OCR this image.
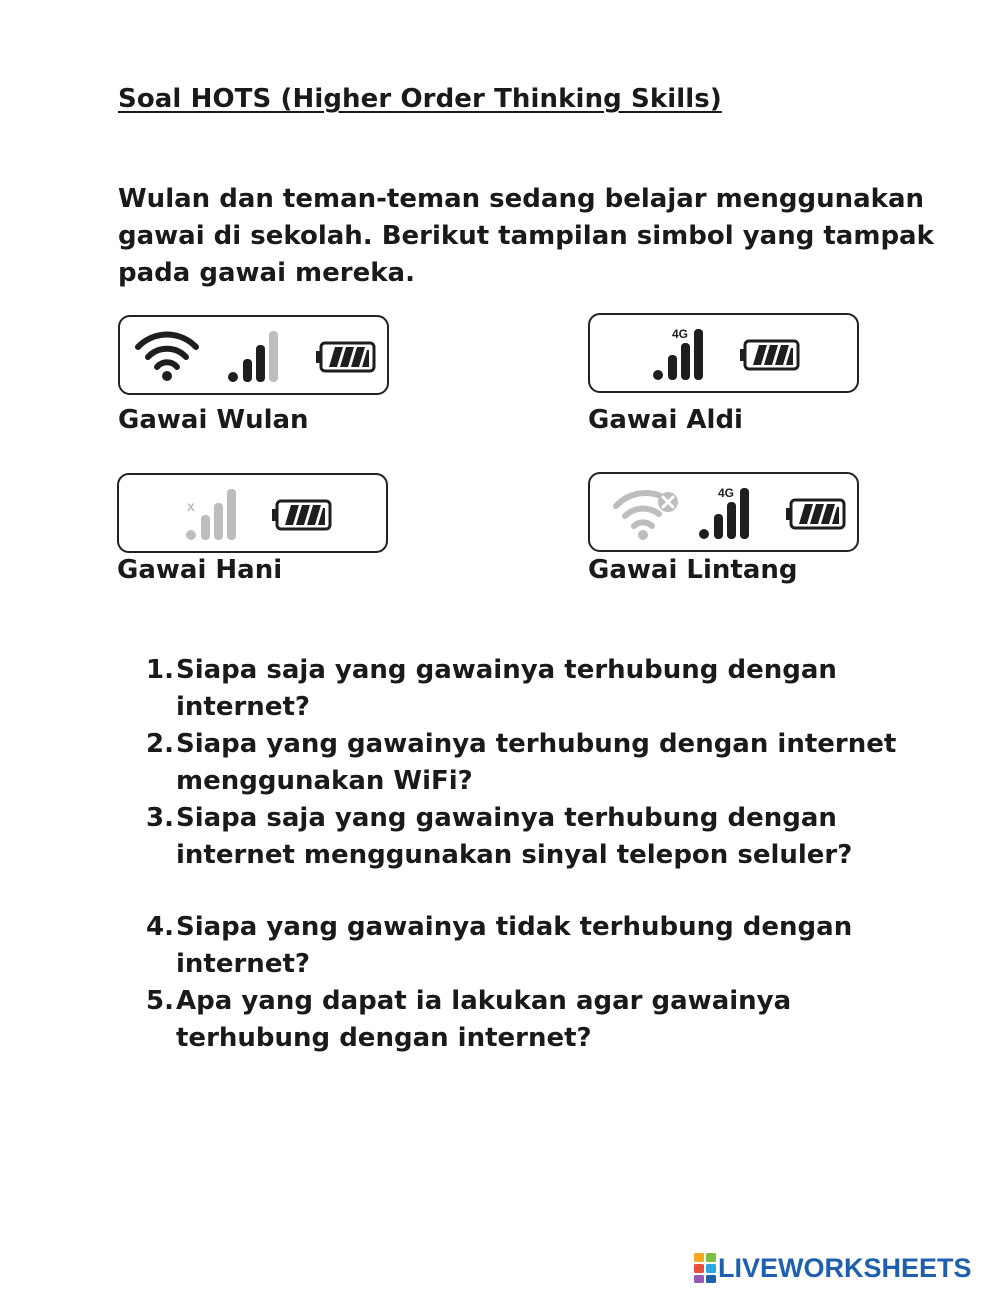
Soal HOTS (Higher Order Thinking Skills)
Wulan dan teman-teman sedang belajar menggunakan
gawai di sekolah. Berikut tampilan simbol yang tampak
pada gawai mereka.
Gawai Wulan
4G
Gawai Aldi
x
Gawai Hani
4G
Gawai Lintang
1. Siapa saja yang gawainya terhubung dengan
internet?
2. Siapa yang gawainya terhubung dengan internet
menggunakan WiFi?
3. Siapa saja yang gawainya terhubung dengan
internet menggunakan sinyal telepon seluler?
4. Siapa yang gawainya tidak terhubung dengan
internet?
5. Apa yang dapat ia lakukan agar gawainya
terhubung dengan internet?
LIVEWORKSHEETS
